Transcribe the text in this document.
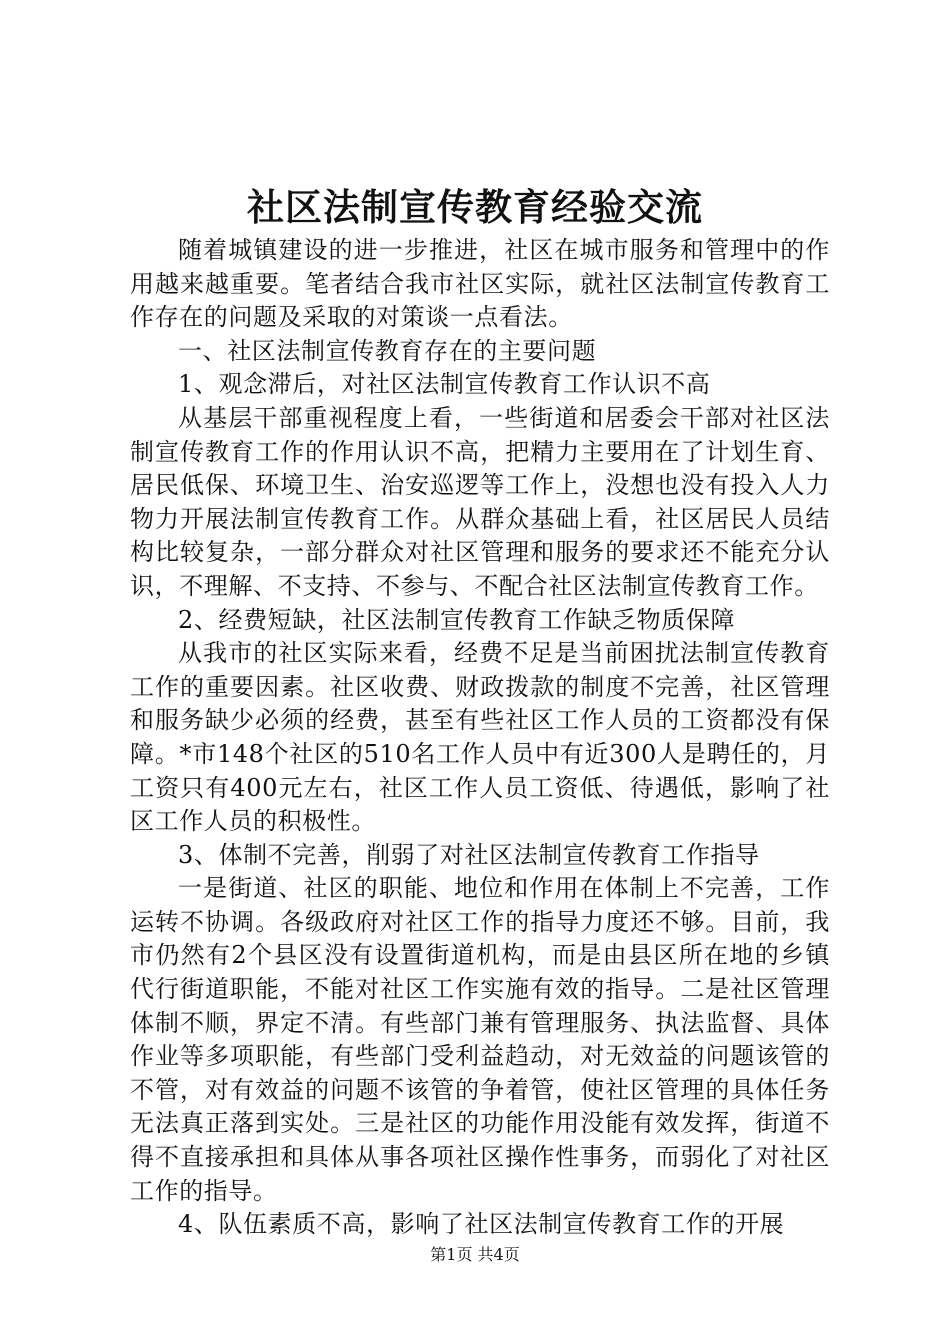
社区法制宣传教育经验交流

随着城镇建设的进一步推进，社区在城市服务和管理中的作用越来越重要。笔者结合我市社区实际，就社区法制宣传教育工作存在的问题及采取的对策谈一点看法。

一、社区法制宣传教育存在的主要问题

1、观念滞后，对社区法制宣传教育工作认识不高

从基层干部重视程度上看，一些街道和居委会干部对社区法制宣传教育工作的作用认识不高，把精力主要用在了计划生育、居民低保、环境卫生、治安巡逻等工作上，没想也没有投入人力物力开展法制宣传教育工作。从群众基础上看，社区居民人员结构比较复杂，一部分群众对社区管理和服务的要求还不能充分认识，不理解、不支持、不参与、不配合社区法制宣传教育工作。

2、经费短缺，社区法制宣传教育工作缺乏物质保障

从我市的社区实际来看，经费不足是当前困扰法制宣传教育工作的重要因素。社区收费、财政拨款的制度不完善，社区管理和服务缺少必须的经费，甚至有些社区工作人员的工资都没有保障。*市148个社区的510名工作人员中有近300人是聘任的，月工资只有400元左右，社区工作人员工资低、待遇低，影响了社区工作人员的积极性。

3、体制不完善，削弱了对社区法制宣传教育工作指导

一是街道、社区的职能、地位和作用在体制上不完善，工作运转不协调。各级政府对社区工作的指导力度还不够。目前，我市仍然有2个县区没有设置街道机构，而是由县区所在地的乡镇代行街道职能，不能对社区工作实施有效的指导。二是社区管理体制不顺，界定不清。有些部门兼有管理服务、执法监督、具体作业等多项职能，有些部门受利益趋动，对无效益的问题该管的不管，对有效益的问题不该管的争着管，使社区管理的具体任务无法真正落到实处。三是社区的功能作用没能有效发挥，街道不得不直接承担和具体从事各项社区操作性事务，而弱化了对社区工作的指导。

4、队伍素质不高，影响了社区法制宣传教育工作的开展

第1页 共4页
